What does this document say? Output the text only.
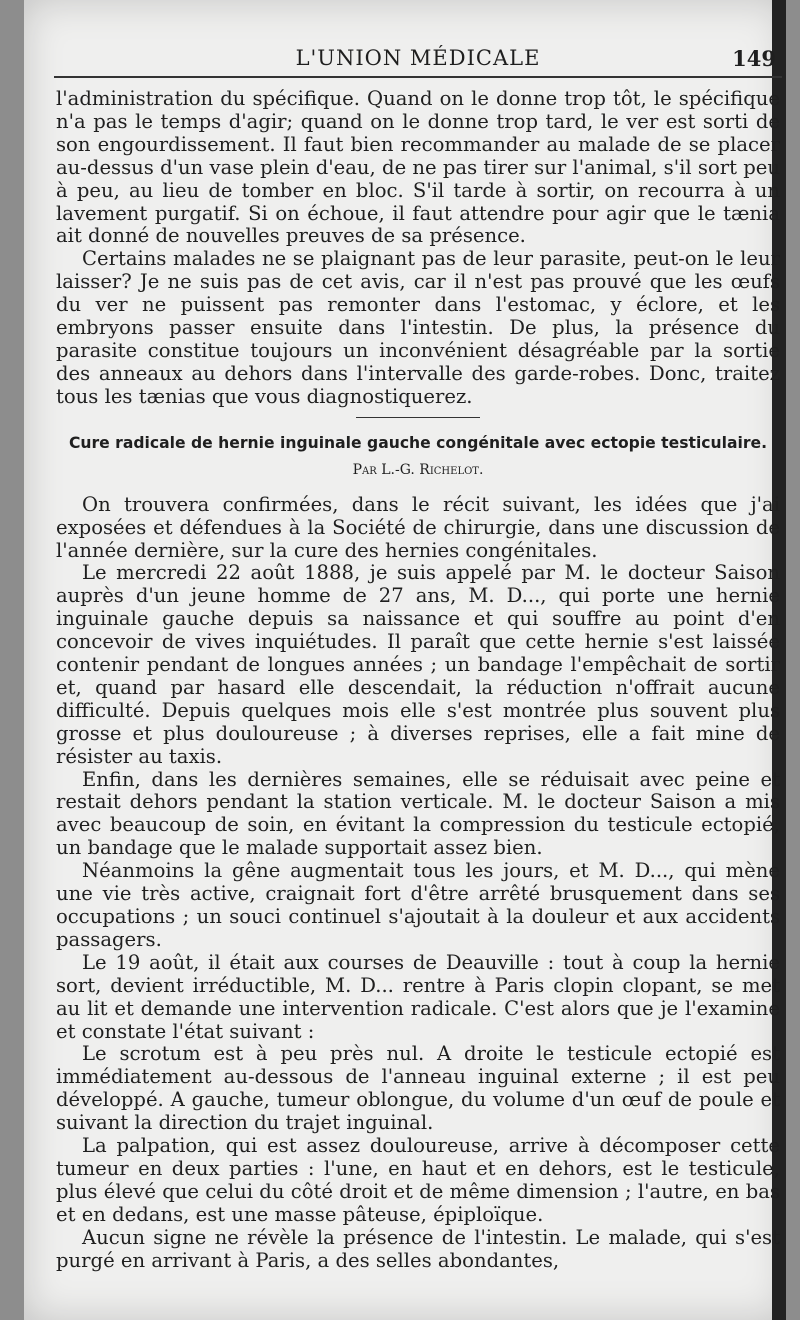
L'UNION MÉDICALE	149

l'administration du spécifique. Quand on le donne trop tôt, le spécifique n'a pas le temps d'agir; quand on le donne trop tard, le ver est sorti de son engourdissement. Il faut bien recommander au malade de se placer au-dessus d'un vase plein d'eau, de ne pas tirer sur l'animal, s'il sort peu à peu, au lieu de tomber en bloc. S'il tarde à sortir, on recourra à un lavement purgatif. Si on échoue, il faut attendre pour agir que le tænia ait donné de nouvelles preuves de sa présence.

Certains malades ne se plaignant pas de leur parasite, peut-on le leur laisser? Je ne suis pas de cet avis, car il n'est pas prouvé que les œufs du ver ne puissent pas remonter dans l'estomac, y éclore, et les embryons passer ensuite dans l'intestin. De plus, la présence du parasite constitue toujours un inconvénient désagréable par la sortie des anneaux au dehors dans l'intervalle des garde-robes. Donc, traitez tous les tænias que vous diagnostiquerez.

Cure radicale de hernie inguinale gauche congénitale avec ectopie testiculaire.
Par L.-G. Richelot.

On trouvera confirmées, dans le récit suivant, les idées que j'ai exposées et défendues à la Société de chirurgie, dans une discussion de l'année dernière, sur la cure des hernies congénitales.

Le mercredi 22 août 1888, je suis appelé par M. le docteur Saison auprès d'un jeune homme de 27 ans, M. D..., qui porte une hernie inguinale gauche depuis sa naissance et qui souffre au point d'en concevoir de vives inquiétudes. Il paraît que cette hernie s'est laissée contenir pendant de longues années ; un bandage l'empêchait de sortir et, quand par hasard elle descendait, la réduction n'offrait aucune difficulté. Depuis quelques mois elle s'est montrée plus souvent plus grosse et plus douloureuse ; à diverses reprises, elle a fait mine de résister au taxis.

Enfin, dans les dernières semaines, elle se réduisait avec peine et restait dehors pendant la station verticale. M. le docteur Saison a mis avec beaucoup de soin, en évitant la compression du testicule ectopié, un bandage que le malade supportait assez bien.

Néanmoins la gêne augmentait tous les jours, et M. D..., qui mène une vie très active, craignait fort d'être arrêté brusquement dans ses occupations ; un souci continuel s'ajoutait à la douleur et aux accidents passagers.

Le 19 août, il était aux courses de Deauville : tout à coup la hernie sort, devient irréductible, M. D... rentre à Paris clopin clopant, se met au lit et demande une intervention radicale. C'est alors que je l'examine et constate l'état suivant :

Le scrotum est à peu près nul. A droite le testicule ectopié est immédiatement au-dessous de l'anneau inguinal externe ; il est peu développé. A gauche, tumeur oblongue, du volume d'un œuf de poule et suivant la direction du trajet inguinal.

La palpation, qui est assez douloureuse, arrive à décomposer cette tumeur en deux parties : l'une, en haut et en dehors, est le testicule, plus élevé que celui du côté droit et de même dimension ; l'autre, en bas et en dedans, est une masse pâteuse, épiploïque.

Aucun signe ne révèle la présence de l'intestin. Le malade, qui s'est purgé en arrivant à Paris, a des selles abondantes,
